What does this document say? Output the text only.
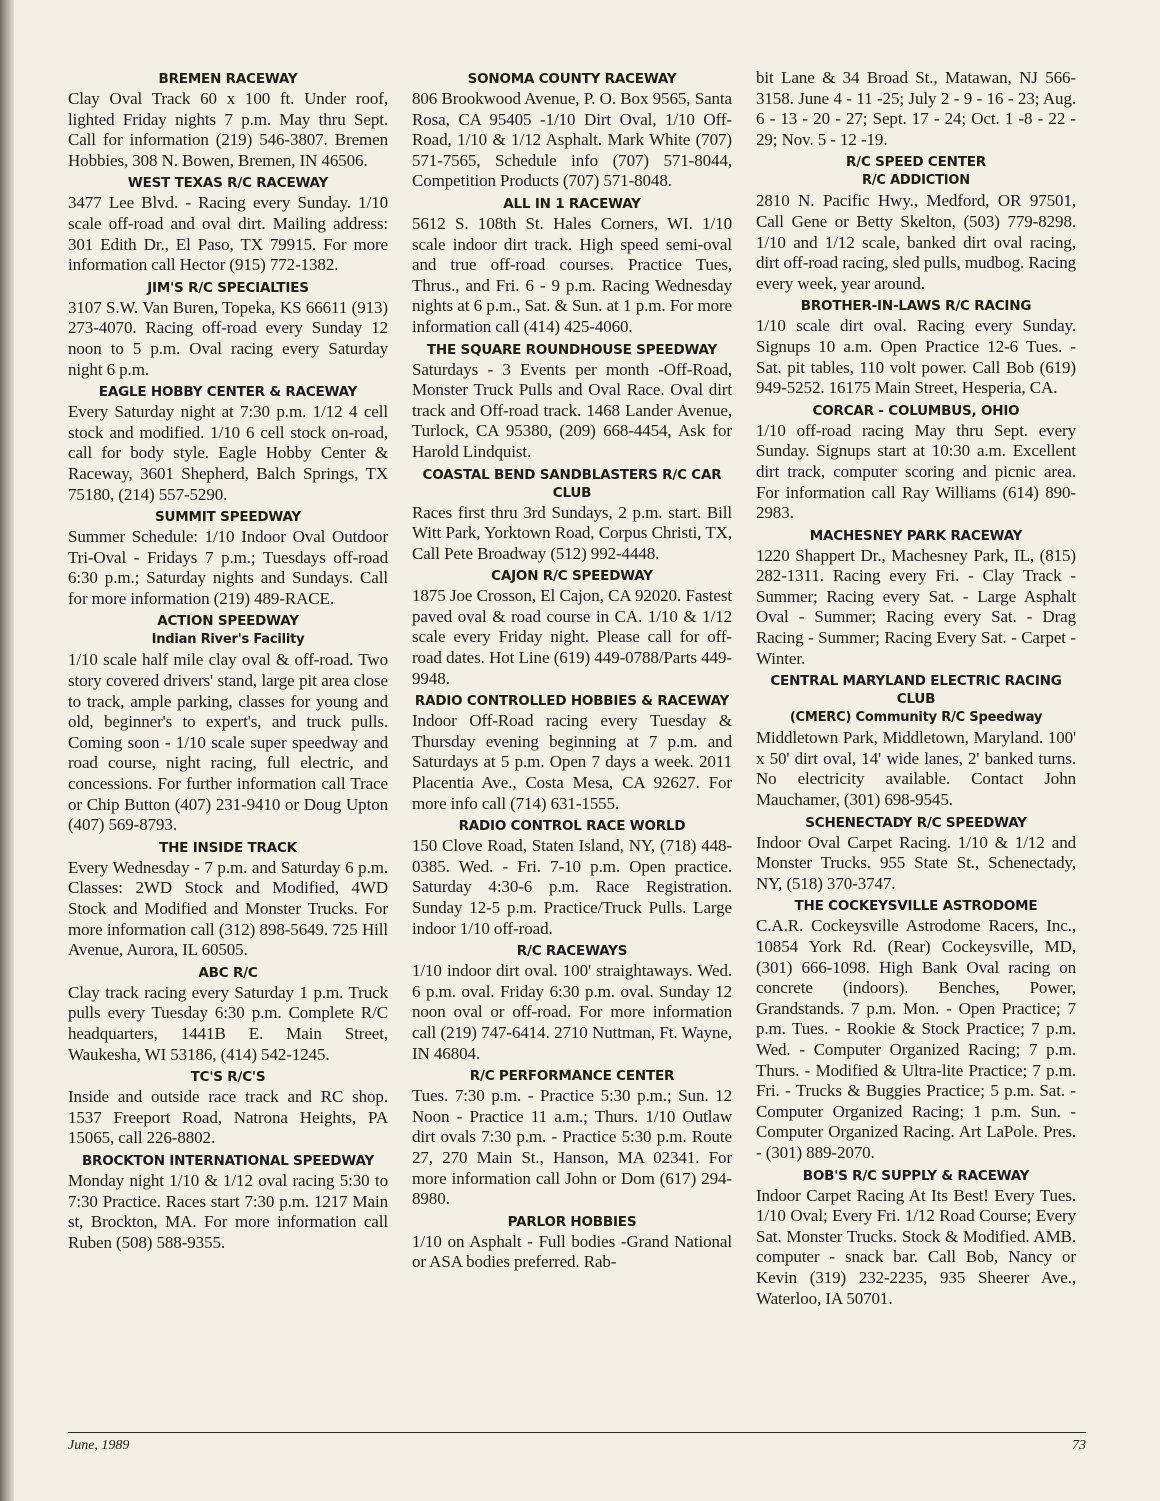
BREMEN RACEWAY

Clay Oval Track 60 x 100 ft. Under roof, lighted Friday nights 7 p.m. May thru Sept. Call for information (219) 546-3807. Bremen Hobbies, 308 N. Bowen, Bremen, IN 46506.

WEST TEXAS R/C RACEWAY

3477 Lee Blvd. - Racing every Sunday. 1/10 scale off-road and oval dirt. Mailing address: 301 Edith Dr., El Paso, TX 79915. For more information call Hector (915) 772-1382.

JIM'S R/C SPECIALTIES

3107 S.W. Van Buren, Topeka, KS 66611 (913) 273-4070. Racing off-road every Sunday 12 noon to 5 p.m. Oval racing every Saturday night 6 p.m.

EAGLE HOBBY CENTER & RACEWAY

Every Saturday night at 7:30 p.m. 1/12 4 cell stock and modified. 1/10 6 cell stock on-road, call for body style. Eagle Hobby Center & Raceway, 3601 Shepherd, Balch Springs, TX 75180, (214) 557-5290.

SUMMIT SPEEDWAY

Summer Schedule: 1/10 Indoor Oval Outdoor Tri-Oval - Fridays 7 p.m.; Tuesdays off-road 6:30 p.m.; Saturday nights and Sundays. Call for more information (219) 489-RACE.

ACTION SPEEDWAY
Indian River's Facility

1/10 scale half mile clay oval & off-road. Two story covered drivers' stand, large pit area close to track, ample parking, classes for young and old, beginner's to expert's, and truck pulls. Coming soon - 1/10 scale super speedway and road course, night racing, full electric, and concessions. For further information call Trace or Chip Button (407) 231-9410 or Doug Upton (407) 569-8793.

THE INSIDE TRACK

Every Wednesday - 7 p.m. and Saturday 6 p.m. Classes: 2WD Stock and Modified, 4WD Stock and Modified and Monster Trucks. For more information call (312) 898-5649. 725 Hill Avenue, Aurora, IL 60505.

ABC R/C

Clay track racing every Saturday 1 p.m. Truck pulls every Tuesday 6:30 p.m. Complete R/C headquarters, 1441B E. Main Street, Waukesha, WI 53186, (414) 542-1245.

TC'S R/C'S

Inside and outside race track and RC shop. 1537 Freeport Road, Natrona Heights, PA 15065, call 226-8802.

BROCKTON INTERNATIONAL SPEEDWAY

Monday night 1/10 & 1/12 oval racing 5:30 to 7:30 Practice. Races start 7:30 p.m. 1217 Main st, Brockton, MA. For more information call Ruben (508) 588-9355.

SONOMA COUNTY RACEWAY

806 Brookwood Avenue, P. O. Box 9565, Santa Rosa, CA 95405 -1/10 Dirt Oval, 1/10 Off-Road, 1/10 & 1/12 Asphalt. Mark White (707) 571-7565, Schedule info (707) 571-8044, Competition Products (707) 571-8048.

ALL IN 1 RACEWAY

5612 S. 108th St. Hales Corners, WI. 1/10 scale indoor dirt track. High speed semi-oval and true off-road courses. Practice Tues, Thrus., and Fri. 6 - 9 p.m. Racing Wednesday nights at 6 p.m., Sat. & Sun. at 1 p.m. For more information call (414) 425-4060.

THE SQUARE ROUNDHOUSE SPEEDWAY

Saturdays - 3 Events per month -Off-Road, Monster Truck Pulls and Oval Race. Oval dirt track and Off-road track. 1468 Lander Avenue, Turlock, CA 95380, (209) 668-4454, Ask for Harold Lindquist.

COASTAL BEND SANDBLASTERS R/C CAR CLUB

Races first thru 3rd Sundays, 2 p.m. start. Bill Witt Park, Yorktown Road, Corpus Christi, TX, Call Pete Broadway (512) 992-4448.

CAJON R/C SPEEDWAY

1875 Joe Crosson, El Cajon, CA 92020. Fastest paved oval & road course in CA. 1/10 & 1/12 scale every Friday night. Please call for off-road dates. Hot Line (619) 449-0788/Parts 449-9948.

RADIO CONTROLLED HOBBIES & RACEWAY

Indoor Off-Road racing every Tuesday & Thursday evening beginning at 7 p.m. and Saturdays at 5 p.m. Open 7 days a week. 2011 Placentia Ave., Costa Mesa, CA 92627. For more info call (714) 631-1555.

RADIO CONTROL RACE WORLD

150 Clove Road, Staten Island, NY, (718) 448-0385. Wed. - Fri. 7-10 p.m. Open practice. Saturday 4:30-6 p.m. Race Registration. Sunday 12-5 p.m. Practice/Truck Pulls. Large indoor 1/10 off-road.

R/C RACEWAYS

1/10 indoor dirt oval. 100' straightaways. Wed. 6 p.m. oval. Friday 6:30 p.m. oval. Sunday 12 noon oval or off-road. For more information call (219) 747-6414. 2710 Nuttman, Ft. Wayne, IN 46804.

R/C PERFORMANCE CENTER

Tues. 7:30 p.m. - Practice 5:30 p.m.; Sun. 12 Noon - Practice 11 a.m.; Thurs. 1/10 Outlaw dirt ovals 7:30 p.m. - Practice 5:30 p.m. Route 27, 270 Main St., Hanson, MA 02341. For more information call John or Dom (617) 294-8980.

PARLOR HOBBIES

1/10 on Asphalt - Full bodies -Grand National or ASA bodies preferred. Rab-

bit Lane & 34 Broad St., Matawan, NJ 566-3158. June 4 - 11 -25; July 2 - 9 - 16 - 23; Aug. 6 - 13 - 20 - 27; Sept. 17 - 24; Oct. 1 -8 - 22 - 29; Nov. 5 - 12 -19.

R/C SPEED CENTER
R/C ADDICTION

2810 N. Pacific Hwy., Medford, OR 97501, Call Gene or Betty Skelton, (503) 779-8298. 1/10 and 1/12 scale, banked dirt oval racing, dirt off-road racing, sled pulls, mudbog. Racing every week, year around.

BROTHER-IN-LAWS R/C RACING

1/10 scale dirt oval. Racing every Sunday. Signups 10 a.m. Open Practice 12-6 Tues. - Sat. pit tables, 110 volt power. Call Bob (619) 949-5252. 16175 Main Street, Hesperia, CA.

CORCAR - COLUMBUS, OHIO

1/10 off-road racing May thru Sept. every Sunday. Signups start at 10:30 a.m. Excellent dirt track, computer scoring and picnic area. For information call Ray Williams (614) 890-2983.

MACHESNEY PARK RACEWAY

1220 Shappert Dr., Machesney Park, IL, (815) 282-1311. Racing every Fri. - Clay Track - Summer; Racing every Sat. - Large Asphalt Oval - Summer; Racing every Sat. - Drag Racing - Summer; Racing Every Sat. - Carpet -Winter.

CENTRAL MARYLAND ELECTRIC RACING CLUB
(CMERC) Community R/C Speedway

Middletown Park, Middletown, Maryland. 100' x 50' dirt oval, 14' wide lanes, 2' banked turns. No electricity available. Contact John Mauchamer, (301) 698-9545.

SCHENECTADY R/C SPEEDWAY

Indoor Oval Carpet Racing. 1/10 & 1/12 and Monster Trucks. 955 State St., Schenectady, NY, (518) 370-3747.

THE COCKEYSVILLE ASTRODOME

C.A.R. Cockeysville Astrodome Racers, Inc., 10854 York Rd. (Rear) Cockeysville, MD, (301) 666-1098. High Bank Oval racing on concrete (indoors). Benches, Power, Grandstands. 7 p.m. Mon. - Open Practice; 7 p.m. Tues. - Rookie & Stock Practice; 7 p.m. Wed. - Computer Organized Racing; 7 p.m. Thurs. - Modified & Ultra-lite Practice; 7 p.m. Fri. - Trucks & Buggies Practice; 5 p.m. Sat. -Computer Organized Racing; 1 p.m. Sun. - Computer Organized Racing. Art LaPole. Pres. - (301) 889-2070.

BOB'S R/C SUPPLY & RACEWAY

Indoor Carpet Racing At Its Best! Every Tues. 1/10 Oval; Every Fri. 1/12 Road Course; Every Sat. Monster Trucks. Stock & Modified. AMB. computer - snack bar. Call Bob, Nancy or Kevin (319) 232-2235, 935 Sheerer Ave., Waterloo, IA 50701.

June, 1989	73
